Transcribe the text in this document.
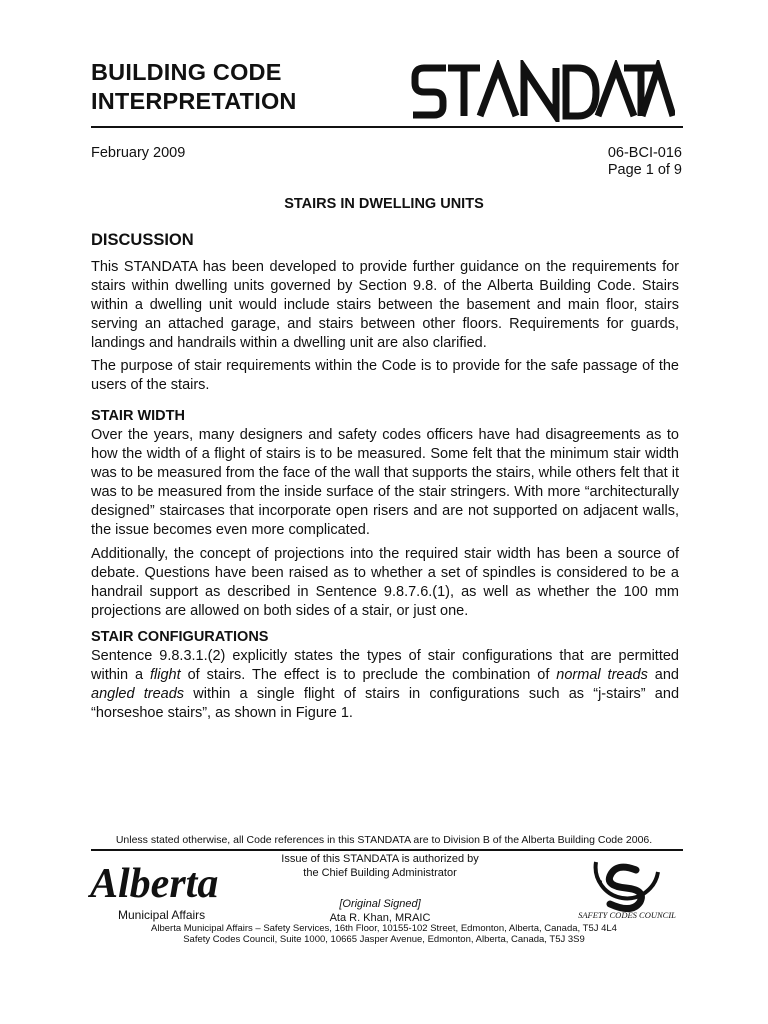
BUILDING CODE
INTERPRETATION
February 2009	06-BCI-016
Page 1 of 9
STAIRS IN DWELLING UNITS
DISCUSSION

This STANDATA has been developed to provide further guidance on the requirements for stairs within dwelling units governed by Section 9.8. of the Alberta Building Code. Stairs within a dwelling unit would include stairs between the basement and main floor, stairs serving an attached garage, and stairs between other floors. Requirements for guards, landings and handrails within a dwelling unit are also clarified.

The purpose of stair requirements within the Code is to provide for the safe passage of the users of the stairs.

STAIR WIDTH

Over the years, many designers and safety codes officers have had disagreements as to how the width of a flight of stairs is to be measured. Some felt that the minimum stair width was to be measured from the face of the wall that supports the stairs, while others felt that it was to be measured from the inside surface of the stair stringers. With more “architecturally designed” staircases that incorporate open risers and are not supported on adjacent walls, the issue becomes even more complicated.

Additionally, the concept of projections into the required stair width has been a source of debate. Questions have been raised as to whether a set of spindles is considered to be a handrail support as described in Sentence 9.8.7.6.(1), as well as whether the 100 mm projections are allowed on both sides of a stair, or just one.

STAIR CONFIGURATIONS

Sentence 9.8.3.1.(2) explicitly states the types of stair configurations that are permitted within a flight of stairs. The effect is to preclude the combination of normal treads and angled treads within a single flight of stairs in configurations such as “j-stairs” and “horseshoe stairs”, as shown in Figure 1.

Unless stated otherwise, all Code references in this STANDATA are to Division B of the Alberta Building Code 2006.
Issue of this STANDATA is authorized by
the Chief Building Administrator
[Original Signed]
Ata R. Khan, MRAIC
Alberta
Municipal Affairs	SAFETY CODES COUNCIL
Alberta Municipal Affairs – Safety Services, 16th Floor, 10155-102 Street, Edmonton, Alberta, Canada, T5J 4L4
Safety Codes Council, Suite 1000, 10665 Jasper Avenue, Edmonton, Alberta, Canada, T5J 3S9
